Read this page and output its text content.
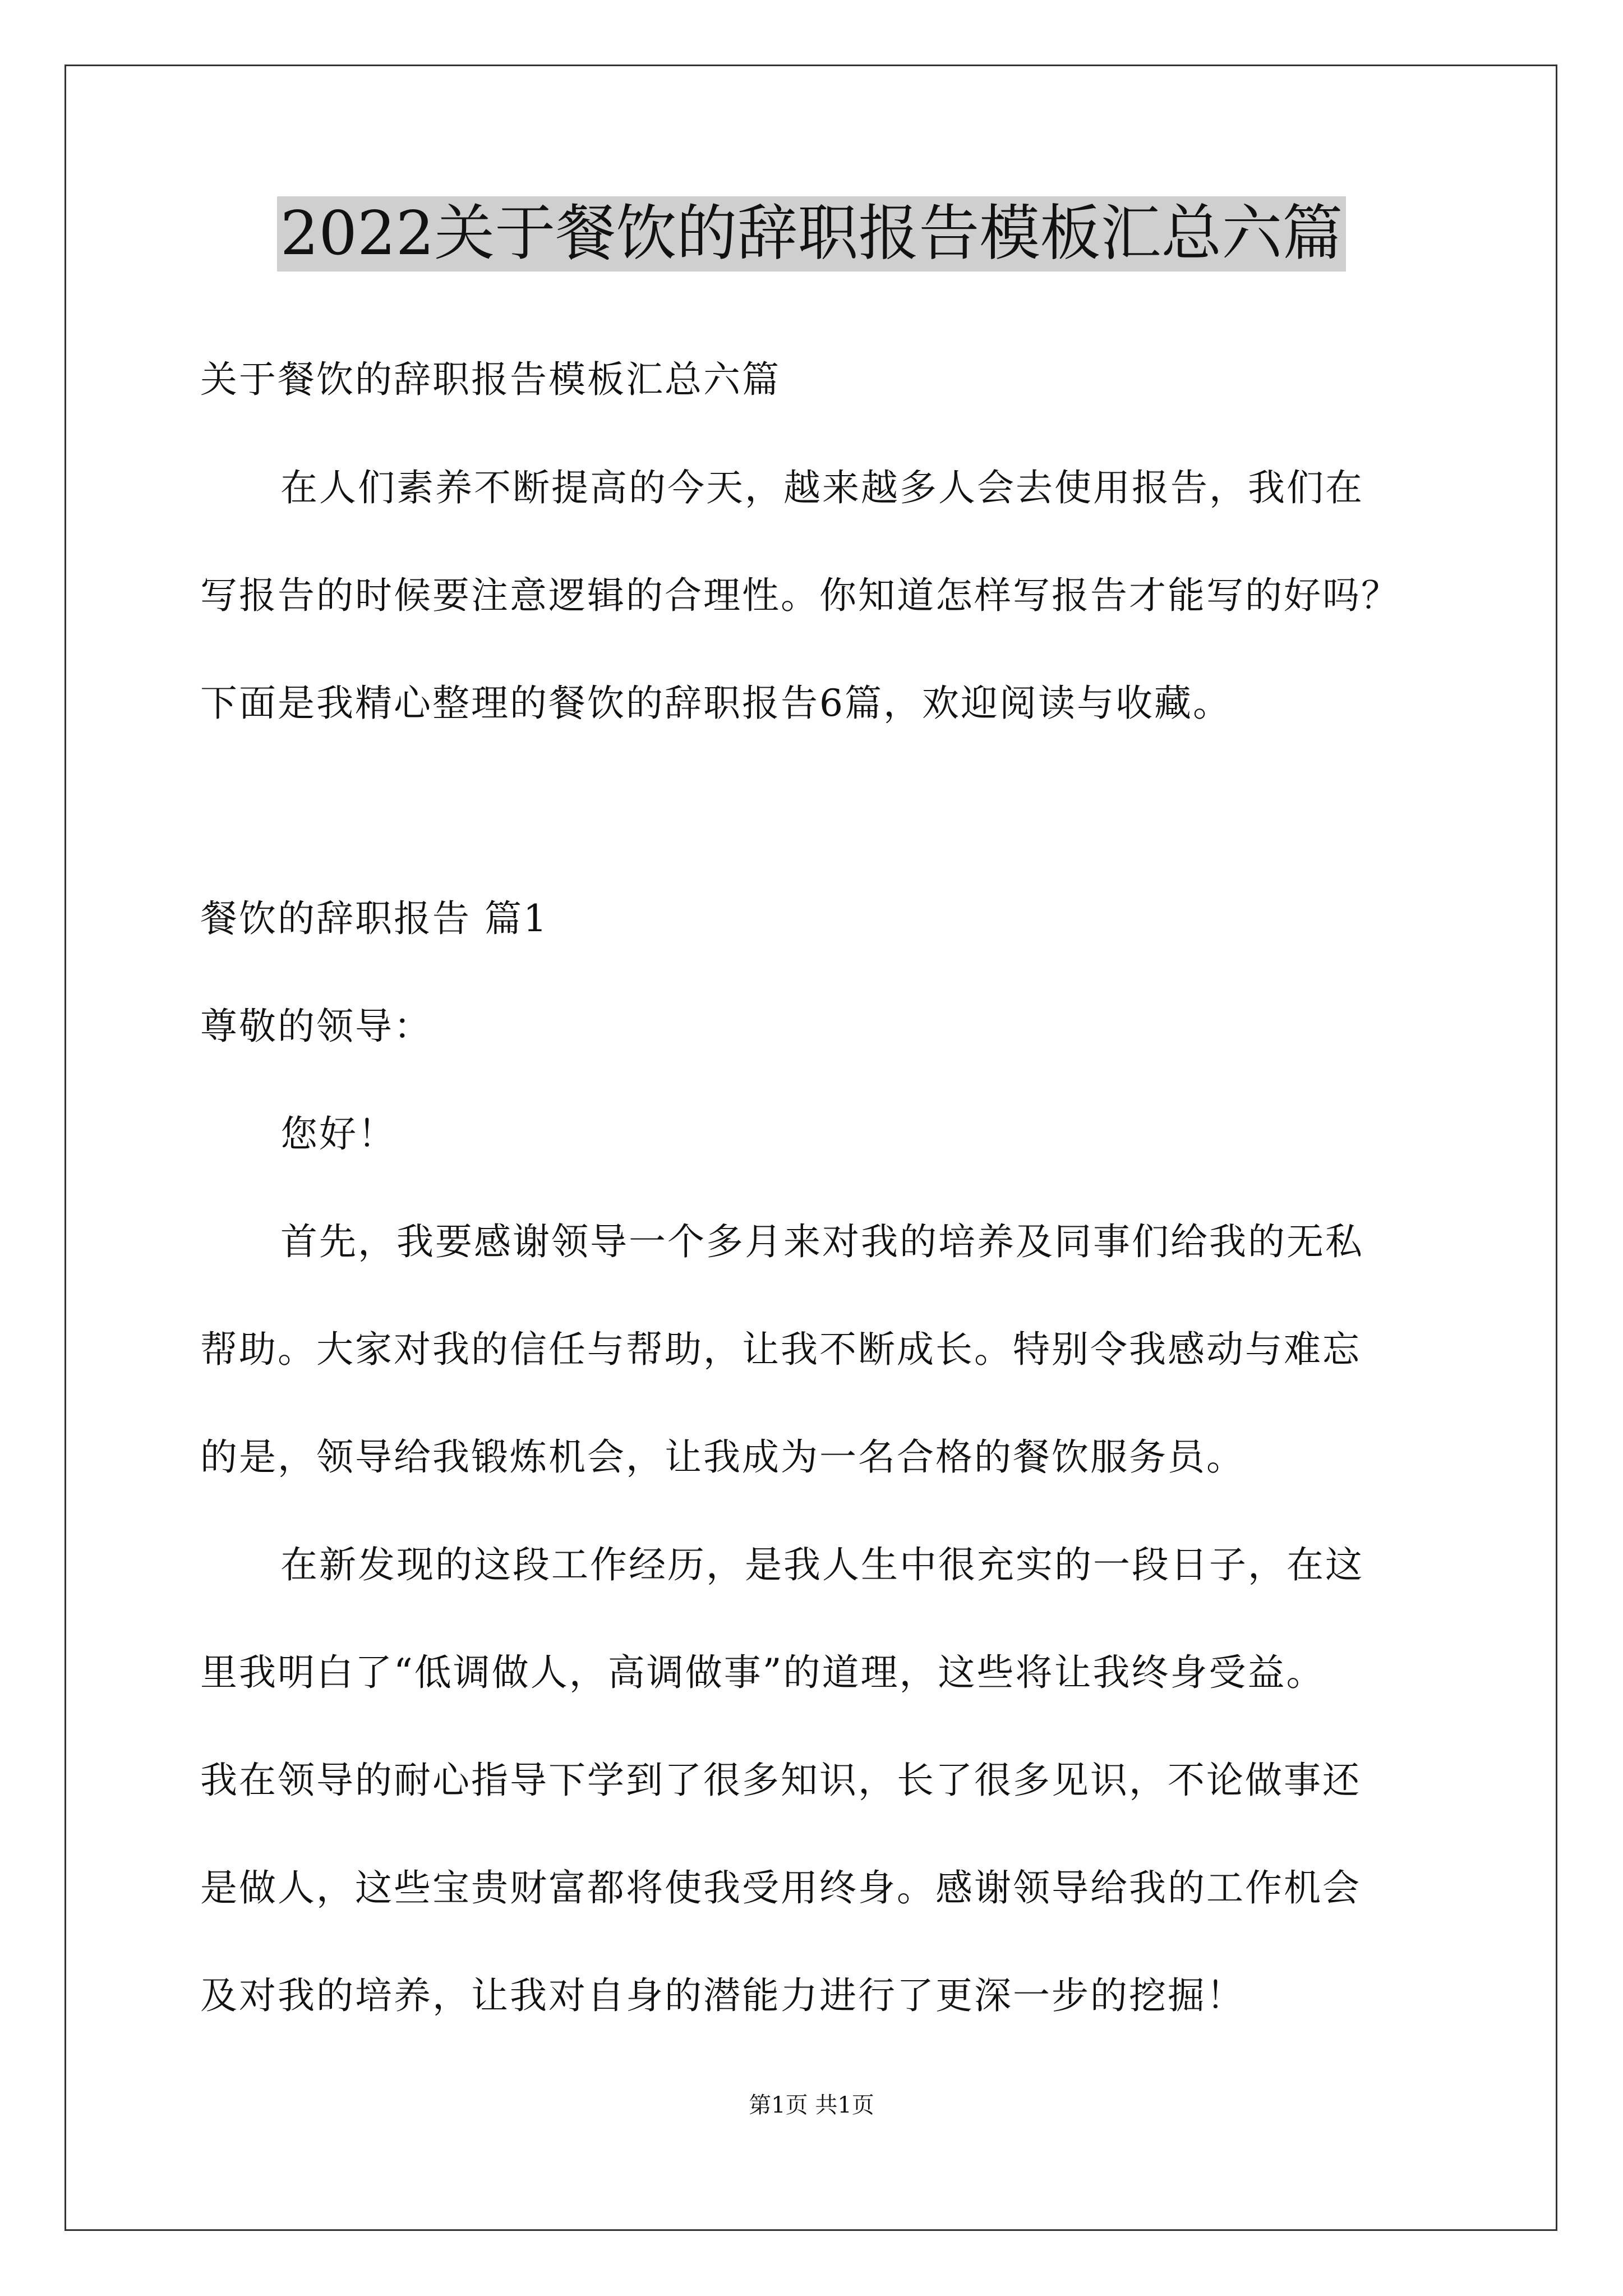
2022关于餐饮的辞职报告模板汇总六篇
关于餐饮的辞职报告模板汇总六篇
在人们素养不断提高的今天，越来越多人会去使用报告，我们在
写报告的时候要注意逻辑的合理性。你知道怎样写报告才能写的好吗？
下面是我精心整理的餐饮的辞职报告6篇，欢迎阅读与收藏。
餐饮的辞职报告 篇1
尊敬的领导：
您好！
首先，我要感谢领导一个多月来对我的培养及同事们给我的无私
帮助。大家对我的信任与帮助，让我不断成长。特别令我感动与难忘
的是，领导给我锻炼机会，让我成为一名合格的餐饮服务员。
在新发现的这段工作经历，是我人生中很充实的一段日子，在这
里我明白了“低调做人，高调做事”的道理，这些将让我终身受益。
我在领导的耐心指导下学到了很多知识，长了很多见识，不论做事还
是做人，这些宝贵财富都将使我受用终身。感谢领导给我的工作机会
及对我的培养，让我对自身的潜能力进行了更深一步的挖掘！
第1页 共1页
